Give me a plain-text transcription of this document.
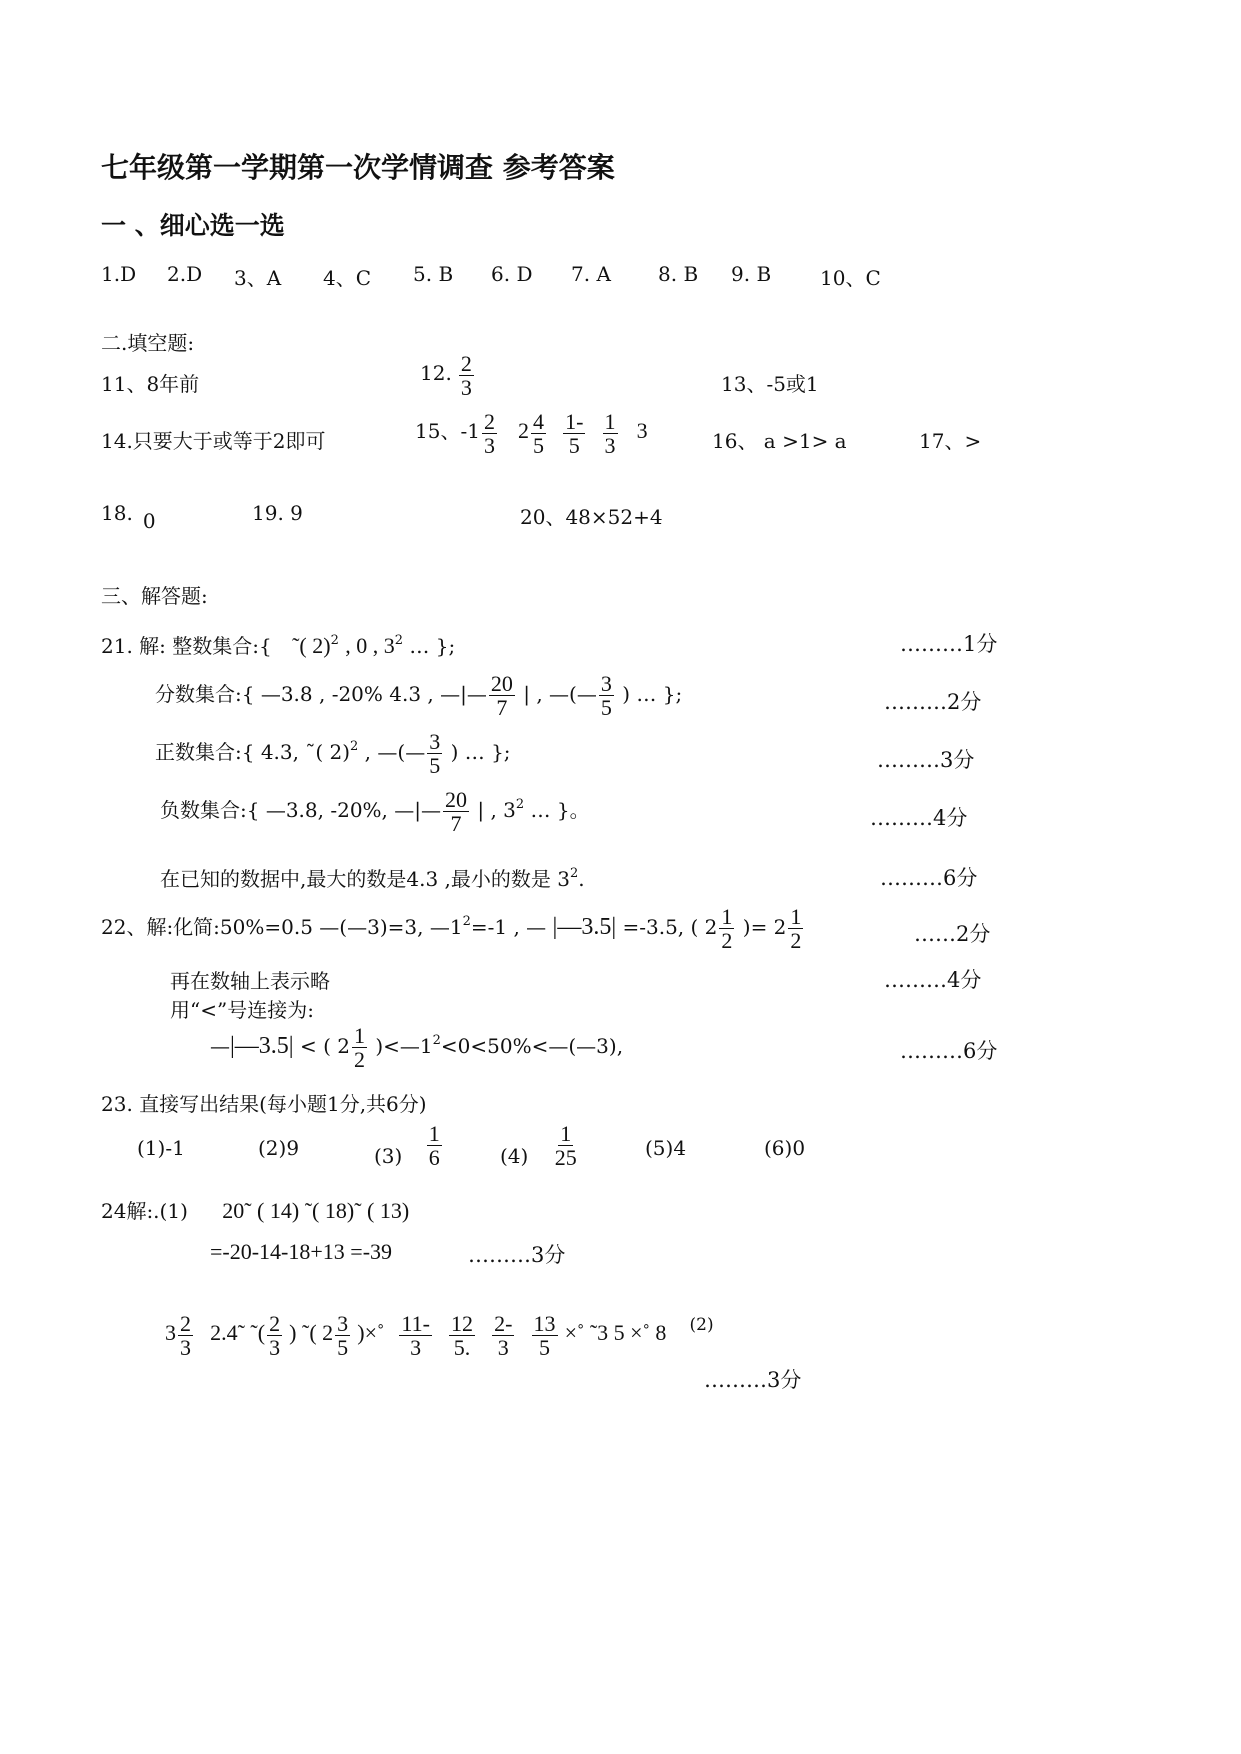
七年级第一学期第一次学情调查 参考答案
一 、细心选一选
1.D 2.D 3、A 4、C 5. B 6. D 7. A 8. B 9. B 10、C
二.填空题:
11、8年前	12. $\frac{2}{3}$	13、-5或1
14.只要大于或等于2即可	15、$-1 \frac{2}{3} 2 \frac{4}{5}$
$\frac{1-}{5}$
$\frac{1}{3} 3$	16、 a >1> a	17、>
18. 0	19. 9	20、48×52+4
三、解答题:
21. 解: 整数集合:{ ˜( 2)$^2$ , 0 , $3^2$ … };	………1分
分数集合:{ —3.8 , -20% 4.3 , —|— $\frac{20}{7}$ | , —(— $\frac{3}{5}$ ) … };	………2分
正数集合:{ 4.3, ˜( 2)$^2$ , —(— $\frac{3}{5}$ ) … };	………3分
负数集合:{ —3.8, -20%, —|— $\frac{20}{7}$ | , $3^2$ … }。	………4分
在已知的数据中,最大的数是4.3 ,最小的数是 $3^2$.	………6分
22、解:化简:50%=0.5 —(—3)=3, $—1^2=-1$ , — |—3.5| =-3.5, ( $2 \frac{1}{2}$ )= $2 \frac{1}{2}$	……2分
再在数轴上表示略	………4分
用“<”号连接为:
—|—3.5| < ( $2 \frac{1}{2}$ )$<—1^2<0<50\%<—(—3)$,	………6分
23. 直接写出结果(每小题1分,共6分)
(1)-1	(2)9	$(3) \frac{1}{6}$	$(4) \frac{1}{25}$	(5)4	(6)0
24解:.(1) 20˜ ( 14) ˜( 18)˜ ( 13)
=-20-14-18+13 =-39	………3分
$3 \frac{2}{3}$ 2.4˜ ˜( $\frac{2}{3}$ ) ˜( $2 \frac{3}{5}$ )×˚ $\frac{11-}{3}$
$\frac{12}{5.}$
$\frac{2-}{3}$
$\frac{13}{5}$ ×˚ ˜3 5 ×˚ 8 (2)
………3分
